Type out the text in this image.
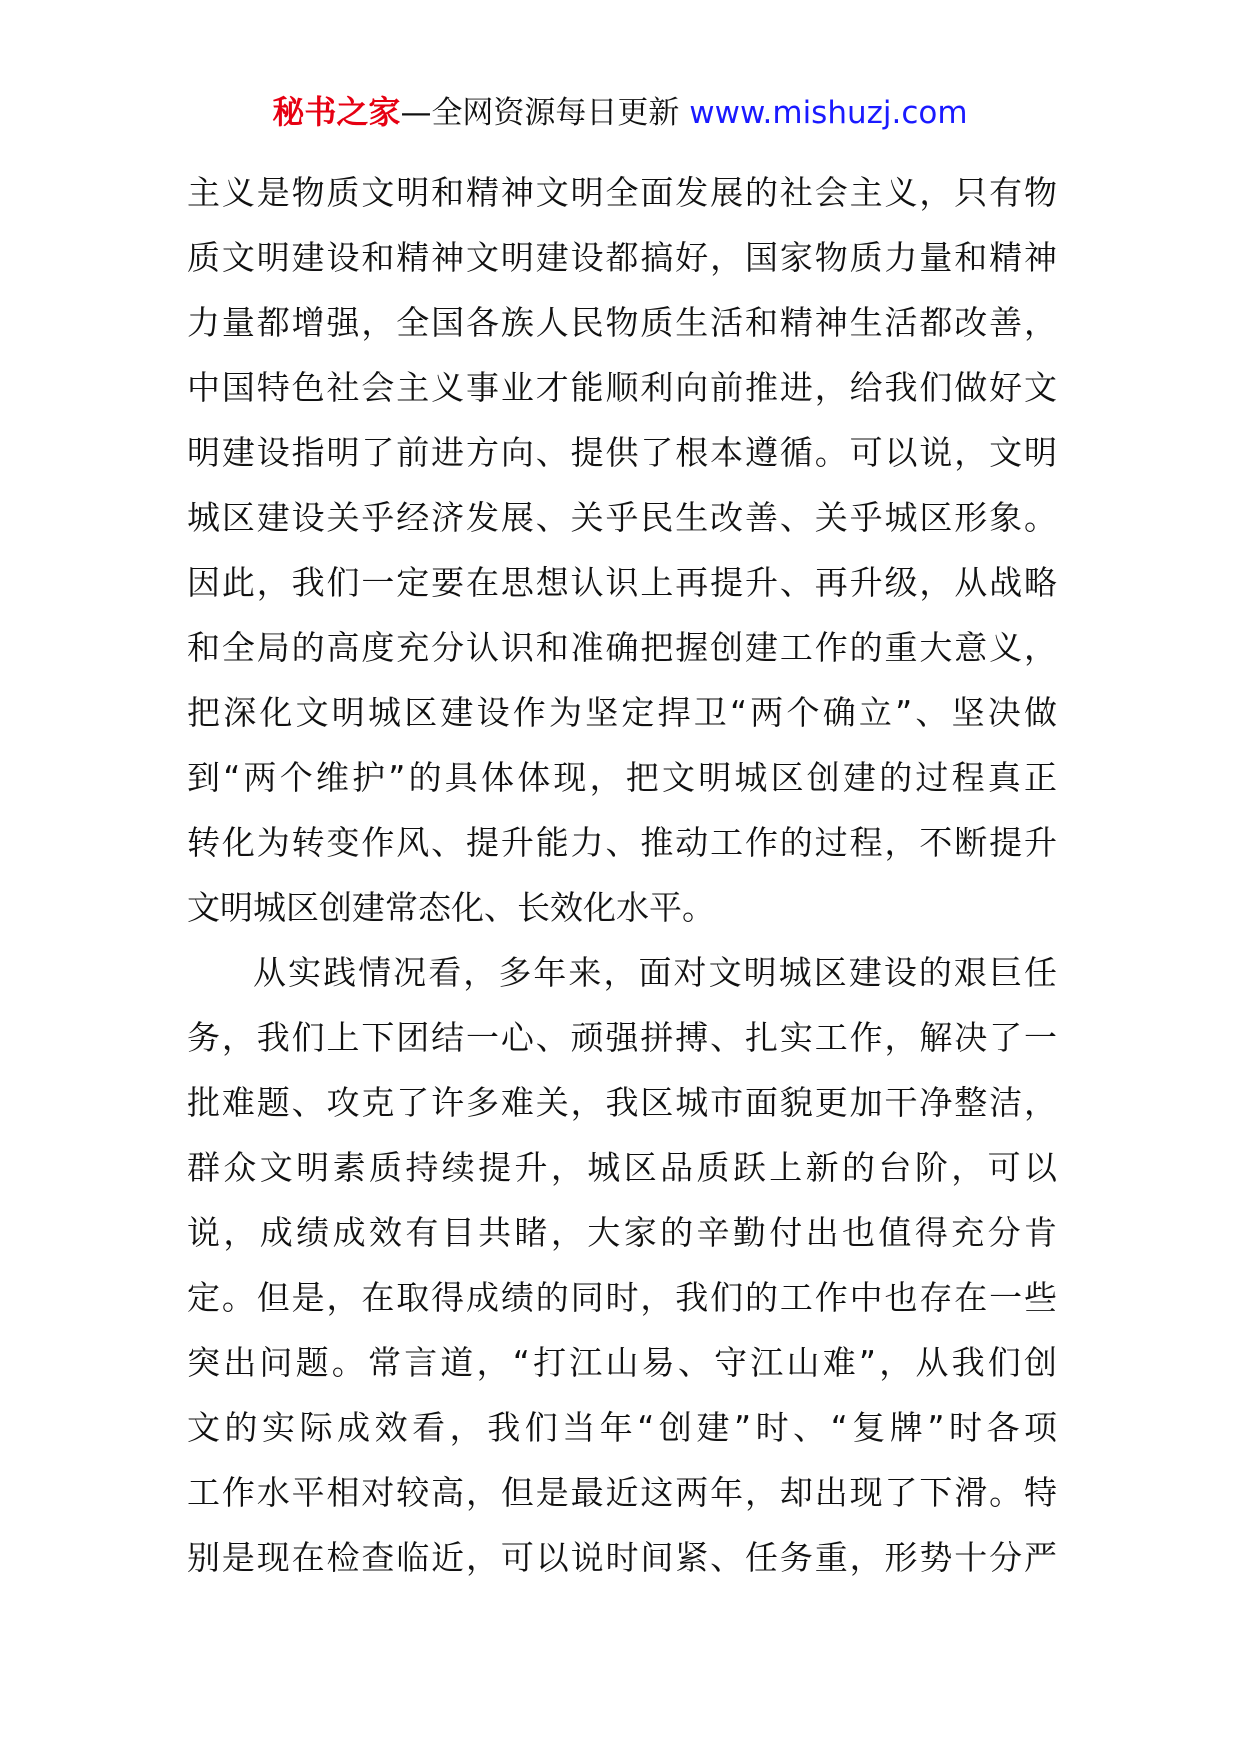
秘书之家—全网资源每日更新 www.mishuzj.com
主义是物质文明和精神文明全面发展的社会主义，只有物
质文明建设和精神文明建设都搞好，国家物质力量和精神
力量都增强，全国各族人民物质生活和精神生活都改善，
中国特色社会主义事业才能顺利向前推进，给我们做好文
明建设指明了前进方向、提供了根本遵循。可以说，文明
城区建设关乎经济发展、关乎民生改善、关乎城区形象。
因此，我们一定要在思想认识上再提升、再升级，从战略
和全局的高度充分认识和准确把握创建工作的重大意义，
把深化文明城区建设作为坚定捍卫“两个确立”、坚决做
到“两个维护”的具体体现，把文明城区创建的过程真正
转化为转变作风、提升能力、推动工作的过程，不断提升
文明城区创建常态化、长效化水平。
从实践情况看，多年来，面对文明城区建设的艰巨任
务，我们上下团结一心、顽强拼搏、扎实工作，解决了一
批难题、攻克了许多难关，我区城市面貌更加干净整洁，
群众文明素质持续提升，城区品质跃上新的台阶，可以
说，成绩成效有目共睹，大家的辛勤付出也值得充分肯
定。但是，在取得成绩的同时，我们的工作中也存在一些
突出问题。常言道，“打江山易、守江山难”，从我们创
文的实际成效看，我们当年“创建”时、“复牌”时各项
工作水平相对较高，但是最近这两年，却出现了下滑。特
别是现在检查临近，可以说时间紧、任务重，形势十分严
